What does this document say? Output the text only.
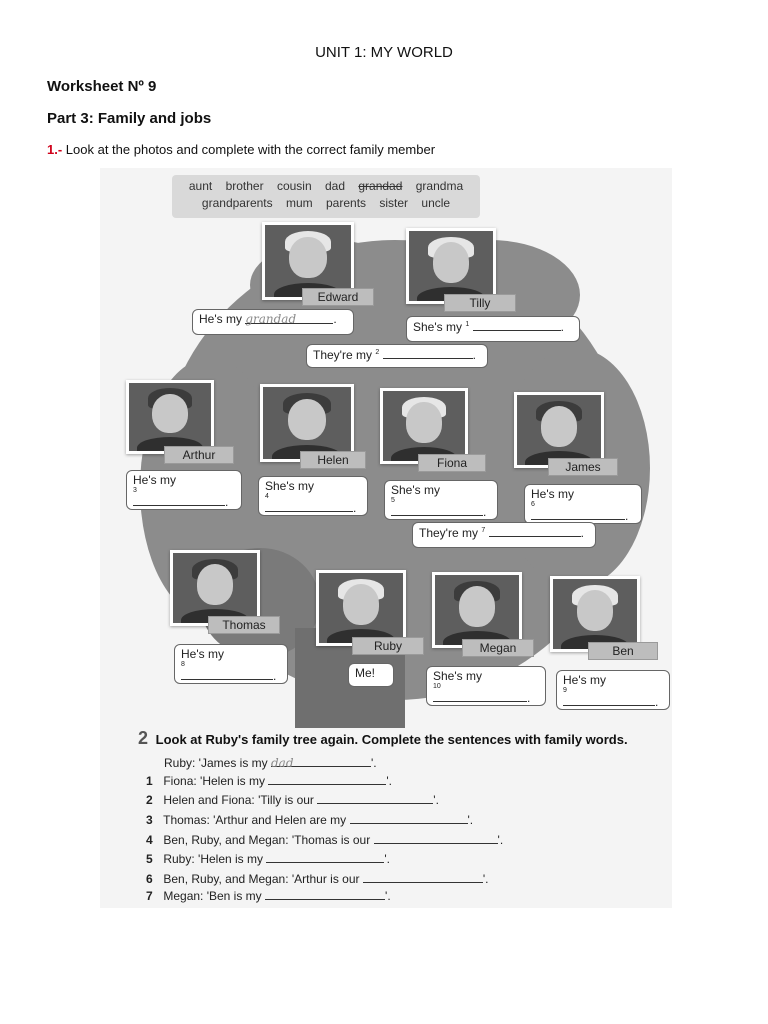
UNIT 1: MY WORLD
Worksheet Nº 9
Part 3: Family and jobs
1.- Look at the photos and complete with the correct family member
aunt brother cousin dad grandad grandma
grandparents mum parents sister uncle
Edward	Tilly
He's my grandad	.
She's my $^1$	.
They're my $^2$	.
Arthur	Helen	Fiona	James
He's my
3
.
She's my
4
.
She's my
5
.
He's my
6
.
They're my $^7$	.
Thomas
Ruby	Megan	Ben
He's my
8
.	Me!	She's my
10
.
He's my
9
.
2 Look at Ruby's family tree again. Complete the sentences with family words.
Ruby: 'James is my dad	'.
1 Fiona: 'Helen is my	'.
2 Helen and Fiona: 'Tilly is our	'.
3 Thomas: 'Arthur and Helen are my	'.
4 Ben, Ruby, and Megan: 'Thomas is our	'.
5 Ruby: 'Helen is my	'.
6 Ben, Ruby, and Megan: 'Arthur is our	'.
7 Megan: 'Ben is my	'.
